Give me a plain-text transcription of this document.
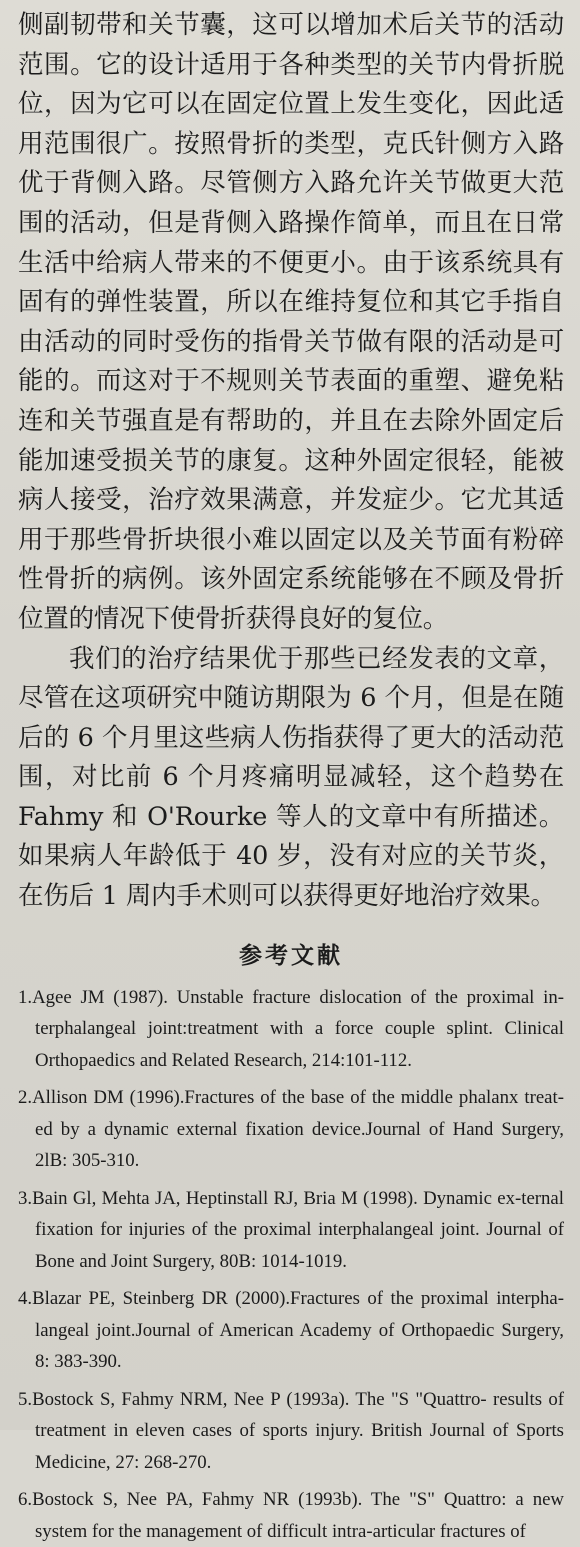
侧副韧带和关节囊，这可以增加术后关节的活动范围。它的设计适用于各种类型的关节内骨折脱位，因为它可以在固定位置上发生变化，因此适用范围很广。按照骨折的类型，克氏针侧方入路优于背侧入路。尽管侧方入路允许关节做更大范围的活动，但是背侧入路操作简单，而且在日常生活中给病人带来的不便更小。由于该系统具有固有的弹性装置，所以在维持复位和其它手指自由活动的同时受伤的指骨关节做有限的活动是可能的。而这对于不规则关节表面的重塑、避免粘连和关节强直是有帮助的，并且在去除外固定后能加速受损关节的康复。这种外固定很轻，能被病人接受，治疗效果满意，并发症少。它尤其适用于那些骨折块很小难以固定以及关节面有粉碎性骨折的病例。该外固定系统能够在不顾及骨折位置的情况下使骨折获得良好的复位。

我们的治疗结果优于那些已经发表的文章，尽管在这项研究中随访期限为 6 个月，但是在随后的 6 个月里这些病人伤指获得了更大的活动范围，对比前 6 个月疼痛明显减轻，这个趋势在 Fahmy 和 O'Rourke 等人的文章中有所描述。如果病人年龄低于 40 岁，没有对应的关节炎，在伤后 1 周内手术则可以获得更好地治疗效果。

参考文献
1.Agee JM (1987). Unstable fracture dislocation of the proximal in-terphalangeal joint:treatment with a force couple splint. Clinical Orthopaedics and Related Research, 214:101-112.
2.Allison DM (1996).Fractures of the base of the middle phalanx treat-ed by a dynamic external fixation device.Journal of Hand Surgery, 2lB: 305-310.
3.Bain Gl, Mehta JA, Heptinstall RJ, Bria M (1998). Dynamic ex-ternal fixation for injuries of the proximal interphalangeal joint. Journal of Bone and Joint Surgery, 80B: 1014-1019.
4.Blazar PE, Steinberg DR (2000).Fractures of the proximal interpha-langeal joint.Journal of American Academy of Orthopaedic Surgery, 8: 383-390.
5.Bostock S, Fahmy NRM, Nee P (1993a). The "S "Quattro- results of treatment in eleven cases of sports injury. British Journal of Sports Medicine, 27: 268-270.
6.Bostock S, Nee PA, Fahmy NR (1993b). The "S" Quattro: a new system for the management of difficult intra-articular fractures of
